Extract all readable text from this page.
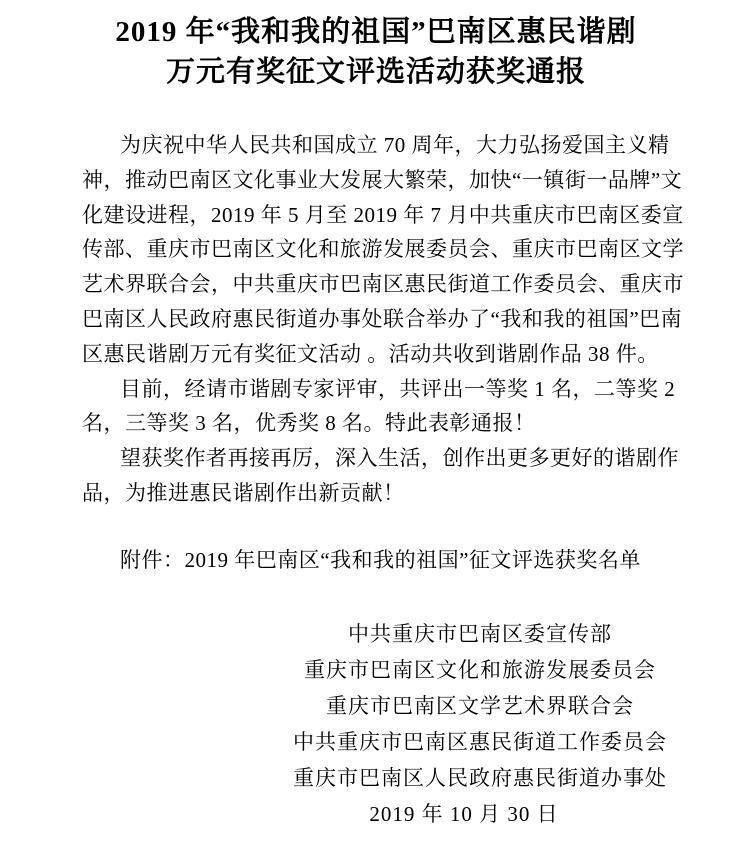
2019 年“我和我的祖国”巴南区惠民谐剧
万元有奖征文评选活动获奖通报
为庆祝中华人民共和国成立 70 周年，大力弘扬爱国主义精
神，推动巴南区文化事业大发展大繁荣，加快“一镇街一品牌”文
化建设进程，2019 年 5 月至 2019 年 7 月中共重庆市巴南区委宣
传部、重庆市巴南区文化和旅游发展委员会、重庆市巴南区文学
艺术界联合会，中共重庆市巴南区惠民街道工作委员会、重庆市
巴南区人民政府惠民街道办事处联合举办了“我和我的祖国”巴南
区惠民谐剧万元有奖征文活动 。活动共收到谐剧作品 38 件。
目前，经请市谐剧专家评审，共评出一等奖 1 名，二等奖 2
名，三等奖 3 名，优秀奖 8 名。特此表彰通报！
望获奖作者再接再厉，深入生活，创作出更多更好的谐剧作
品，为推进惠民谐剧作出新贡献！
附件：2019 年巴南区“我和我的祖国”征文评选获奖名单
中共重庆市巴南区委宣传部
重庆市巴南区文化和旅游发展委员会
重庆市巴南区文学艺术界联合会
中共重庆市巴南区惠民街道工作委员会
重庆市巴南区人民政府惠民街道办事处
2019 年 10 月 30 日
